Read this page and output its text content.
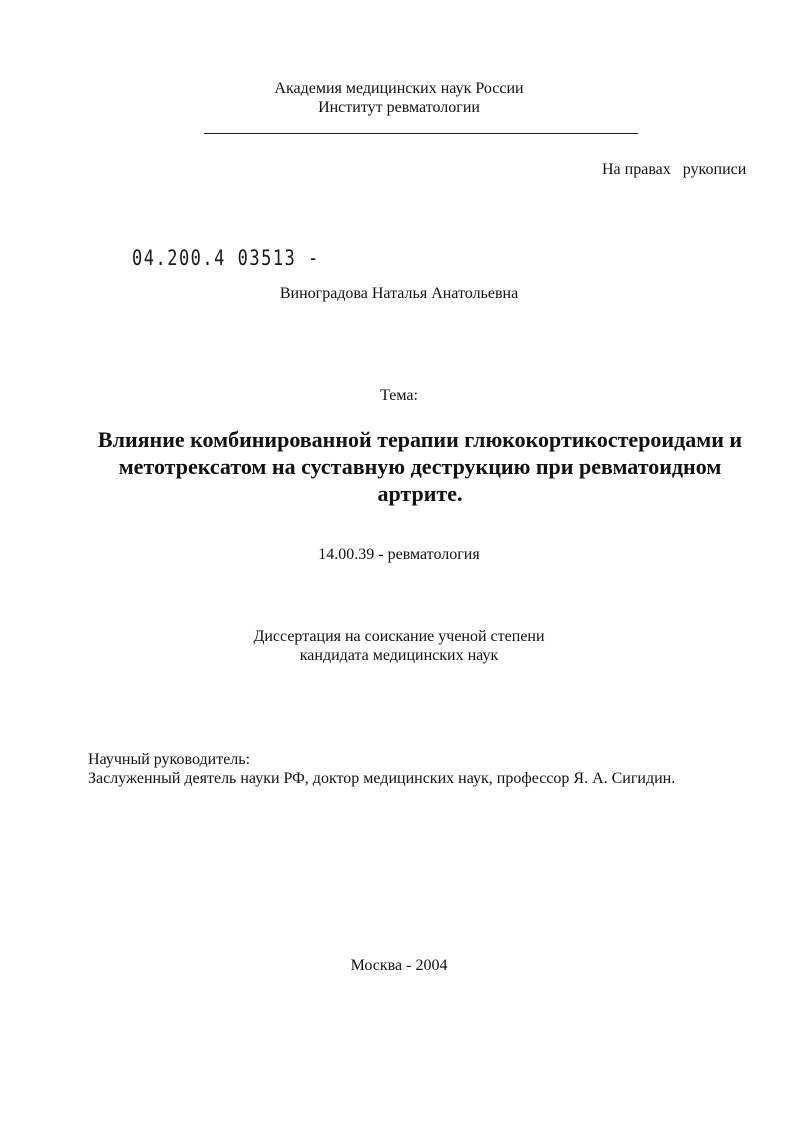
Академия медицинских наук России
Институт ревматологии
На правах   рукописи
04.200.4 03513 -
Виноградова Наталья Анатольевна
Тема:
Влияние комбинированной терапии глюкокортикостероидами и
метотрексатом на суставную деструкцию при ревматоидном
артрите.
14.00.39 - ревматология
Диссертация на соискание ученой степени
кандидата медицинских наук
Научный руководитель:
Заслуженный деятель науки РФ, доктор медицинских наук, профессор Я. А. Сигидин.
Москва - 2004
